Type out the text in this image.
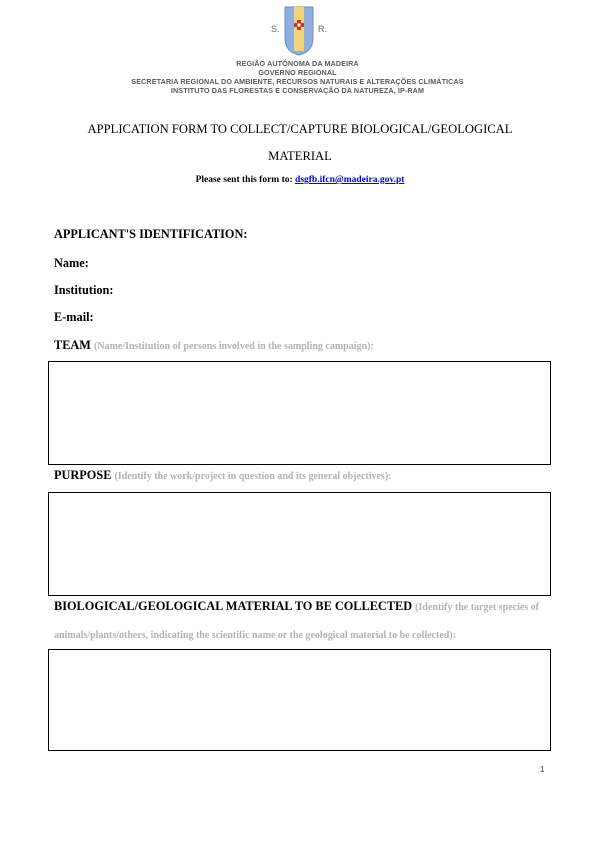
S.	R.
REGIÃO AUTÓNOMA DA MADEIRA
GOVERNO REGIONAL
SECRETARIA REGIONAL DO AMBIENTE, RECURSOS NATURAIS E ALTERAÇÕES CLIMÁTICAS
INSTITUTO DAS FLORESTAS E CONSERVAÇÃO DA NATUREZA, IP-RAM
APPLICATION FORM TO COLLECT/CAPTURE BIOLOGICAL/GEOLOGICAL
MATERIAL
Please sent this form to: dsgfb.ifcn@madeira.gov.pt
APPLICANT'S IDENTIFICATION:
Name:
Institution:
E-mail:
TEAM (Name/Institution of persons involved in the sampling campaign):
PURPOSE (Identify the work/project in question and its general objectives):
BIOLOGICAL/GEOLOGICAL MATERIAL TO BE COLLECTED (Identify the target species of
animals/plants/others, indicating the scientific name or the geological material to be collected):
1
